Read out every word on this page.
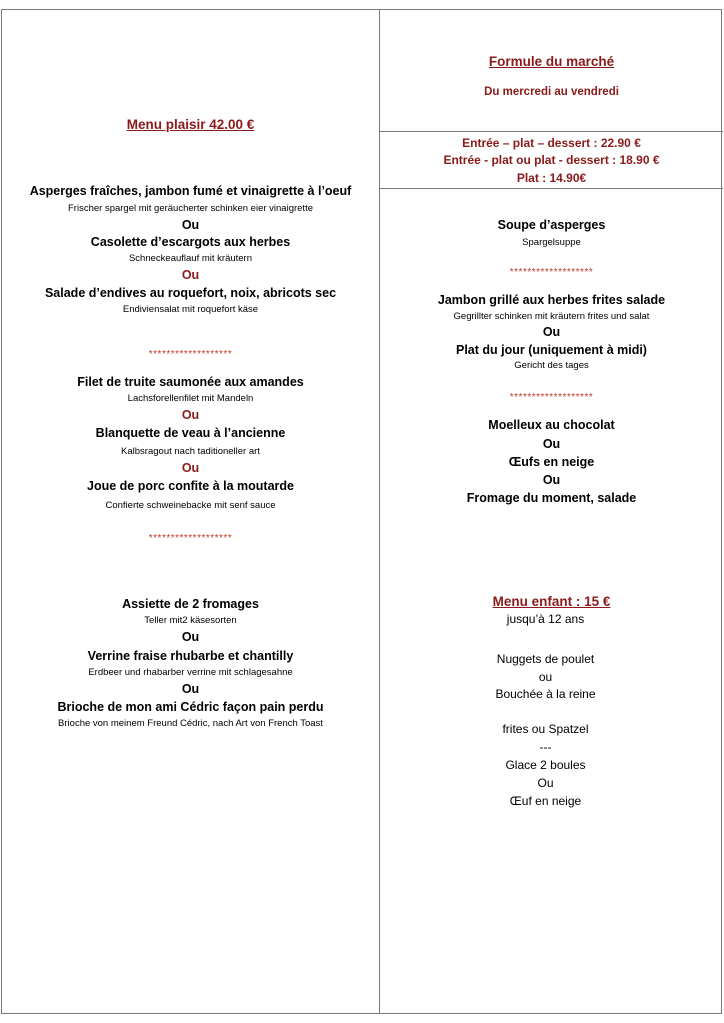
Menu plaisir 42.00 €
Asperges fraîches, jambon fumé et vinaigrette à l’oeuf
Frischer spargel mit geräucherter schinken eier vinaigrette
Ou
Casolette d’escargots aux herbes
Schneckeauflauf mit kräutern
Ou
Salade d’endives au roquefort, noix, abricots sec
Endiviensalat mit roquefort käse
*******************
Filet de truite saumonée aux amandes
Lachsforellenfilet mit Mandeln
Ou
Blanquette de veau à l’ancienne
Kalbsragout nach taditioneller art
Ou
Joue de porc confite à la moutarde
Confierte schweinebacke mit senf sauce
*******************
Assiette de 2 fromages
Teller mit2 käsesorten
Ou
Verrine fraise rhubarbe et chantilly
Erdbeer und rhabarber verrine mit schlagesahne
Ou
Brioche de mon ami Cédric façon pain perdu
Brioche von meinem Freund Cédric, nach Art von French Toast
Formule du marché
Du mercredi au vendredi
Entrée – plat – dessert : 22.90 €
Entrée - plat ou plat - dessert : 18.90 €
Plat : 14.90€
Soupe d’asperges
Spargelsuppe
*******************
Jambon grillé aux herbes frites salade
Gegrillter schinken mit kräutern frites und salat
Ou
Plat du jour (uniquement à midi)
Gericht des tages
*******************
Moelleux au chocolat
Ou
Œufs en neige
Ou
Fromage du moment, salade
Menu enfant : 15 €
jusqu’à 12 ans
Nuggets de poulet
ou
Bouchée à la reine
frites ou Spatzel
---
Glace 2 boules
Ou
Œuf en neige
